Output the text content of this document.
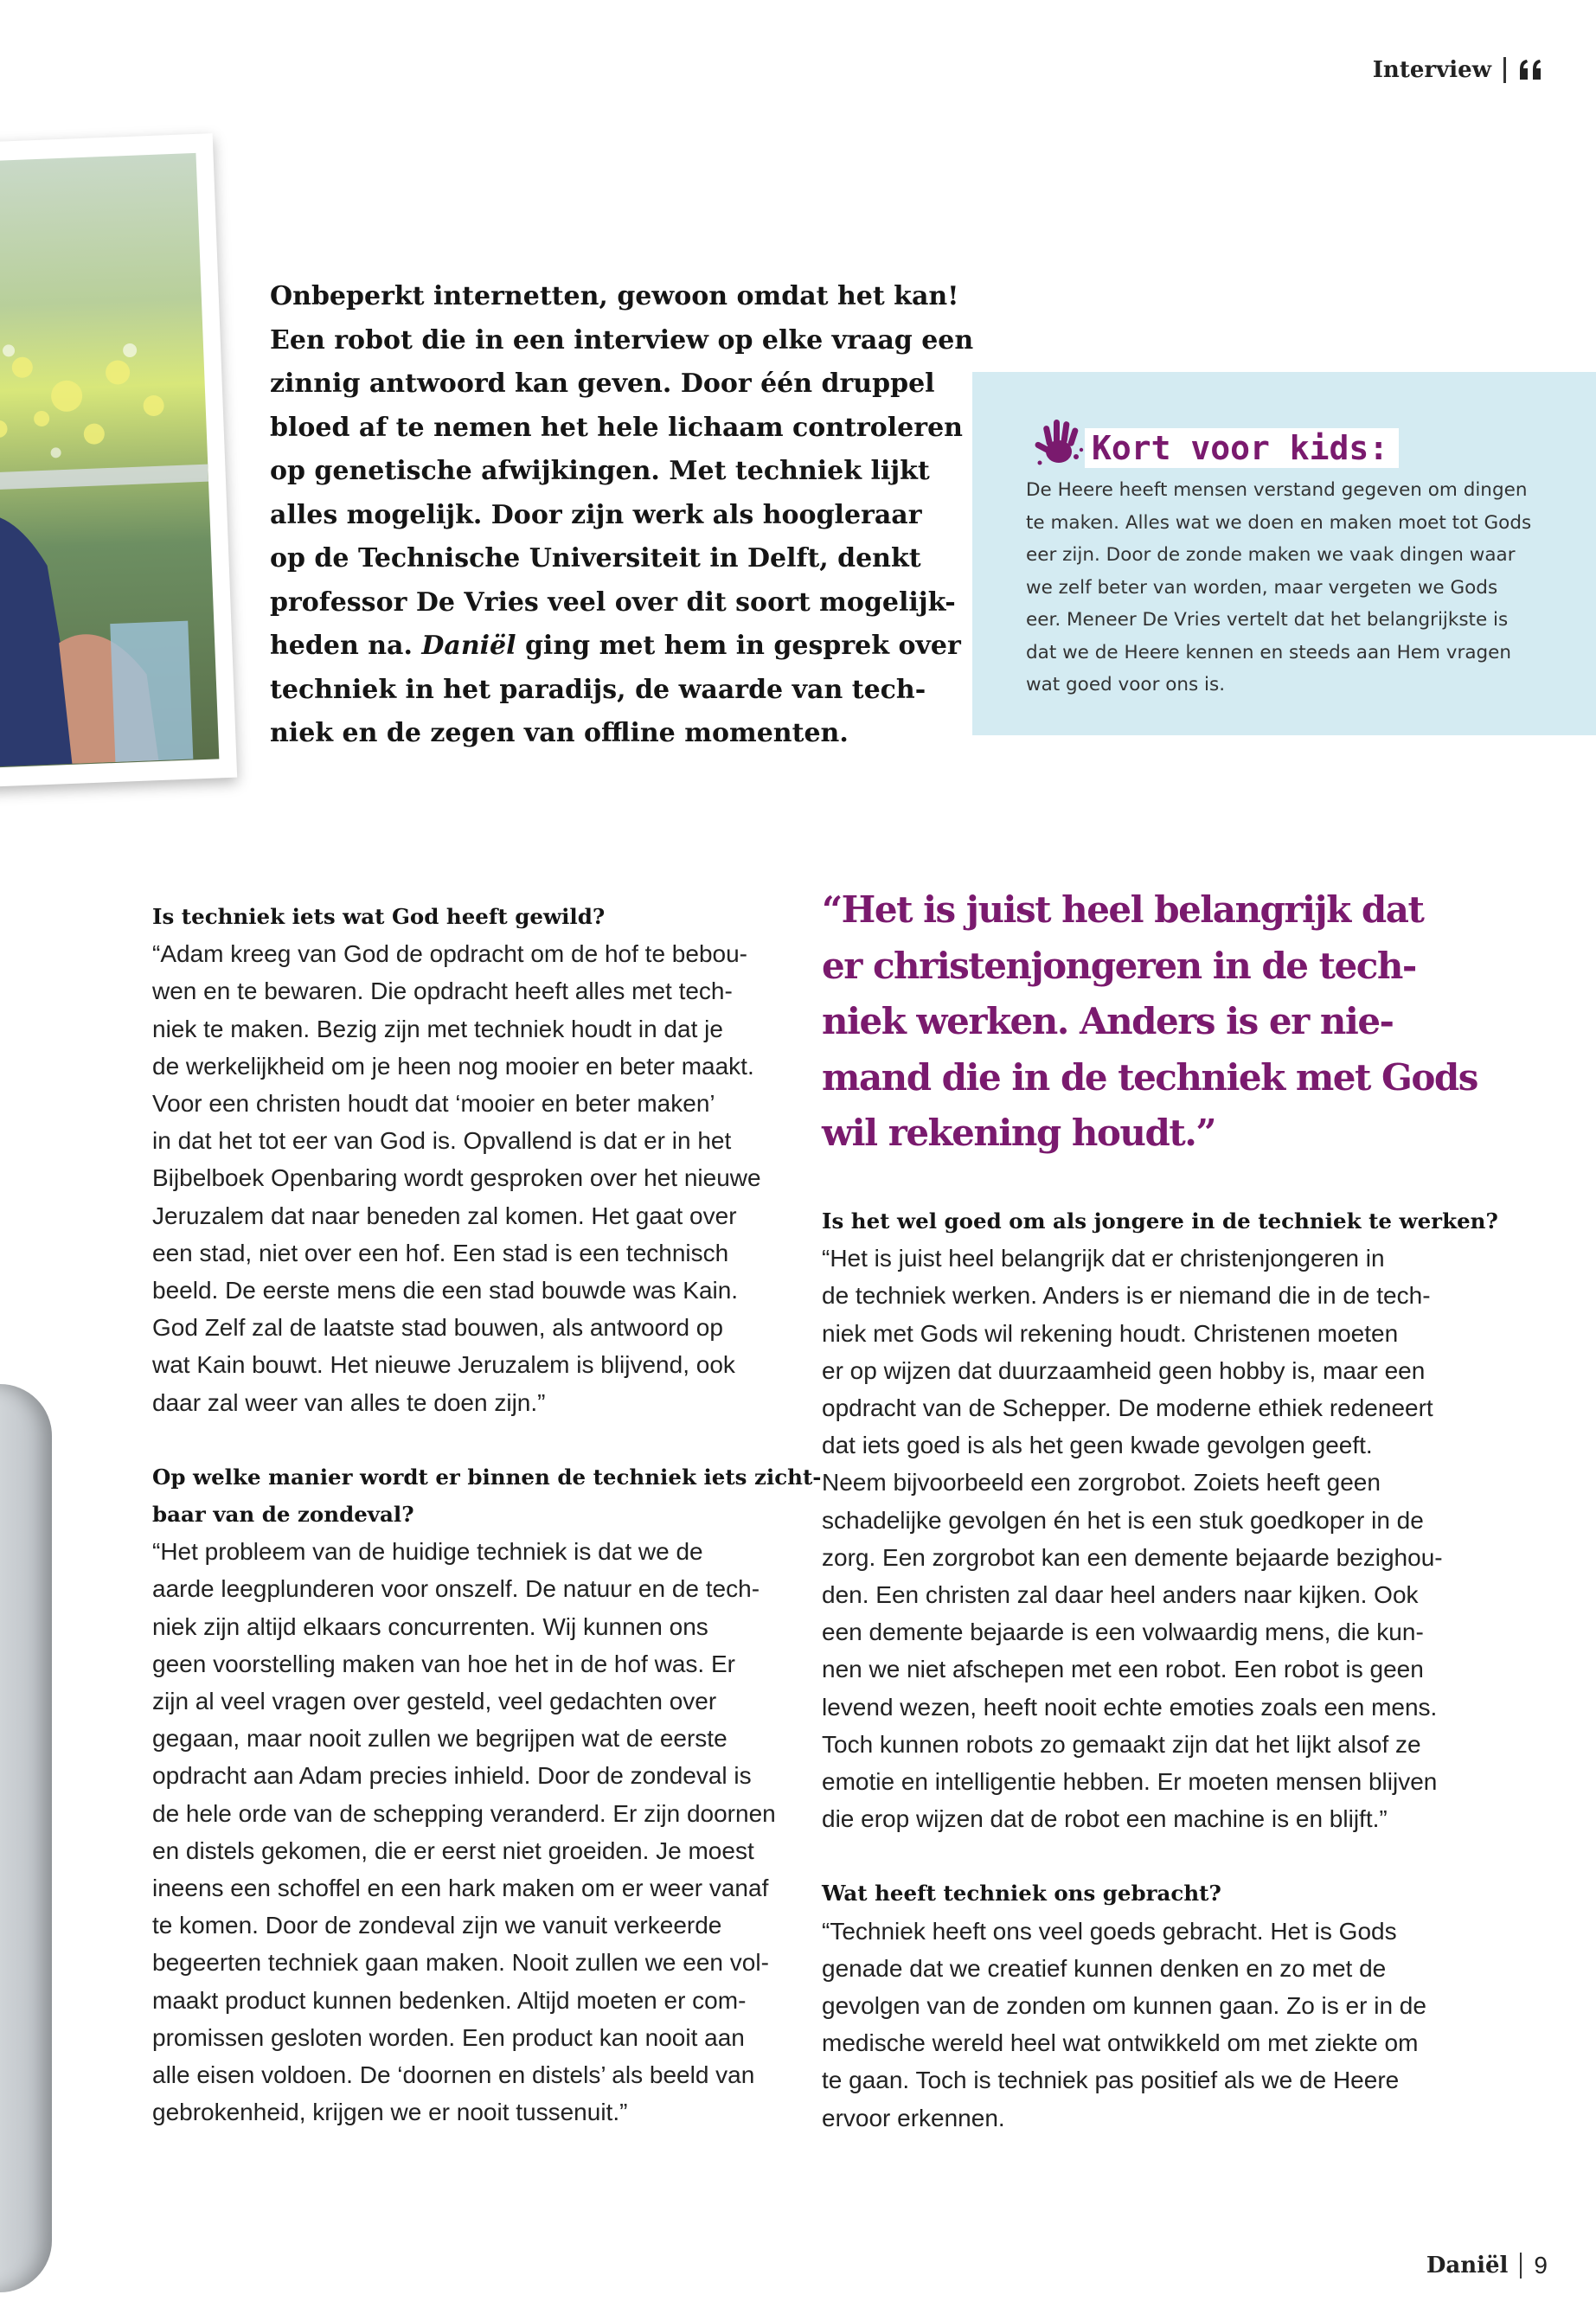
Interview
Onbeperkt internetten, gewoon omdat het kan!
Een robot die in een interview op elke vraag een
zinnig antwoord kan geven. Door één druppel
bloed af te nemen het hele lichaam controleren
op genetische afwijkingen. Met techniek lijkt
alles mogelijk. Door zijn werk als hoogleraar
op de Technische Universiteit in Delft, denkt
professor De Vries veel over dit soort mogelijk-
heden na. Daniël ging met hem in gesprek over
techniek in het paradijs, de waarde van tech-
niek en de zegen van offline momenten.
Kort voor kids:
De Heere heeft mensen verstand gegeven om dingen
te maken. Alles wat we doen en maken moet tot Gods
eer zijn. Door de zonde maken we vaak dingen waar
we zelf beter van worden, maar vergeten we Gods
eer. Meneer De Vries vertelt dat het belangrijkste is
dat we de Heere kennen en steeds aan Hem vragen
wat goed voor ons is.
Is techniek iets wat God heeft gewild?
“Adam kreeg van God de opdracht om de hof te bebou-
wen en te bewaren. Die opdracht heeft alles met tech-
niek te maken. Bezig zijn met techniek houdt in dat je
de werkelijkheid om je heen nog mooier en beter maakt.
Voor een christen houdt dat ‘mooier en beter maken’
in dat het tot eer van God is. Opvallend is dat er in het
Bijbelboek Openbaring wordt gesproken over het nieuwe
Jeruzalem dat naar beneden zal komen. Het gaat over
een stad, niet over een hof. Een stad is een technisch
beeld. De eerste mens die een stad bouwde was Kain.
God Zelf zal de laatste stad bouwen, als antwoord op
wat Kain bouwt. Het nieuwe Jeruzalem is blijvend, ook
daar zal weer van alles te doen zijn.”
Op welke manier wordt er binnen de techniek iets zicht-
baar van de zondeval?
“Het probleem van de huidige techniek is dat we de
aarde leegplunderen voor onszelf. De natuur en de tech-
niek zijn altijd elkaars concurrenten. Wij kunnen ons
geen voorstelling maken van hoe het in de hof was. Er
zijn al veel vragen over gesteld, veel gedachten over
gegaan, maar nooit zullen we begrijpen wat de eerste
opdracht aan Adam precies inhield. Door de zondeval is
de hele orde van de schepping veranderd. Er zijn doornen
en distels gekomen, die er eerst niet groeiden. Je moest
ineens een schoffel en een hark maken om er weer vanaf
te komen. Door de zondeval zijn we vanuit verkeerde
begeerten techniek gaan maken. Nooit zullen we een vol-
maakt product kunnen bedenken. Altijd moeten er com-
promissen gesloten worden. Een product kan nooit aan
alle eisen voldoen. De ‘doornen en distels’ als beeld van
gebrokenheid, krijgen we er nooit tussenuit.”
“Het is juist heel belangrijk dat
er christenjongeren in de tech-
niek werken. Anders is er nie-
mand die in de techniek met Gods
wil rekening houdt.”
Is het wel goed om als jongere in de techniek te werken?
“Het is juist heel belangrijk dat er christenjongeren in
de techniek werken. Anders is er niemand die in de tech-
niek met Gods wil rekening houdt. Christenen moeten
er op wijzen dat duurzaamheid geen hobby is, maar een
opdracht van de Schepper. De moderne ethiek redeneert
dat iets goed is als het geen kwade gevolgen geeft.
Neem bijvoorbeeld een zorgrobot. Zoiets heeft geen
schadelijke gevolgen én het is een stuk goedkoper in de
zorg. Een zorgrobot kan een demente bejaarde bezighou-
den. Een christen zal daar heel anders naar kijken. Ook
een demente bejaarde is een volwaardig mens, die kun-
nen we niet afschepen met een robot. Een robot is geen
levend wezen, heeft nooit echte emoties zoals een mens.
Toch kunnen robots zo gemaakt zijn dat het lijkt alsof ze
emotie en intelligentie hebben. Er moeten mensen blijven
die erop wijzen dat de robot een machine is en blijft.”
Wat heeft techniek ons gebracht?
“Techniek heeft ons veel goeds gebracht. Het is Gods
genade dat we creatief kunnen denken en zo met de
gevolgen van de zonden om kunnen gaan. Zo is er in de
medische wereld heel wat ontwikkeld om met ziekte om
te gaan. Toch is techniek pas positief als we de Heere
ervoor erkennen.
Daniël 9
